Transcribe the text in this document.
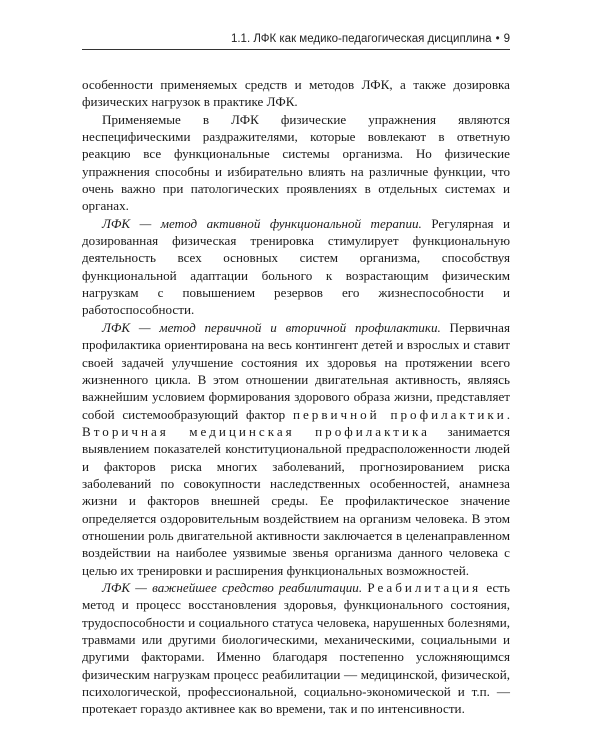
1.1.
ЛФК как медико-педагогическая дисциплина • 9

особенности применяемых средств и методов ЛФК, а также дозировка физических нагрузок в практике ЛФК.

Применяемые в ЛФК физические упражнения являются неспецифическими раздражителями, которые вовлекают в ответную реакцию все функциональные системы организма. Но физические упражнения способны и избирательно влиять на различные функции, что очень важно при патологических проявлениях в отдельных системах и органах.

ЛФК — метод активной функциональной терапии. Регулярная и дозированная физическая тренировка стимулирует функциональную деятельность всех основных систем организма, способствуя функциональной адаптации больного к возрастающим физическим нагрузкам с повышением резервов его жизнеспособности и работоспособности.

ЛФК — метод первичной и вторичной профилактики. Первичная профилактика ориентирована на весь контингент детей и взрослых и ставит своей задачей улучшение состояния их здоровья на протяжении всего жизненного цикла. В этом отношении двигательная активность, являясь важнейшим условием формирования здорового образа жизни, представляет собой системообразующий фактор первичной профилактики. Вторичная медицинская профилактика занимается выявлением показателей конституциональной предрасположенности людей и факторов риска многих заболеваний, прогнозированием риска заболеваний по совокупности наследственных особенностей, анамнеза жизни и факторов внешней среды. Ее профилактическое значение определяется оздоровительным воздействием на организм человека. В этом отношении роль двигательной активности заключается в целенаправленном воздействии на наиболее уязвимые звенья организма данного человека с целью их тренировки и расширения функциональных возможностей.

ЛФК — важнейшее средство реабилитации. Реабилитация есть метод и процесс восстановления здоровья, функционального состояния, трудоспособности и социального статуса человека, нарушенных болезнями, травмами или другими биологическими, механическими, социальными и другими факторами. Именно благодаря постепенно усложняющимся физическим нагрузкам процесс реабилитации — медицинской, физической, психологической, профессиональной, социально-экономической и т.п. — протекает гораздо активнее как во времени, так и по интенсивности.
